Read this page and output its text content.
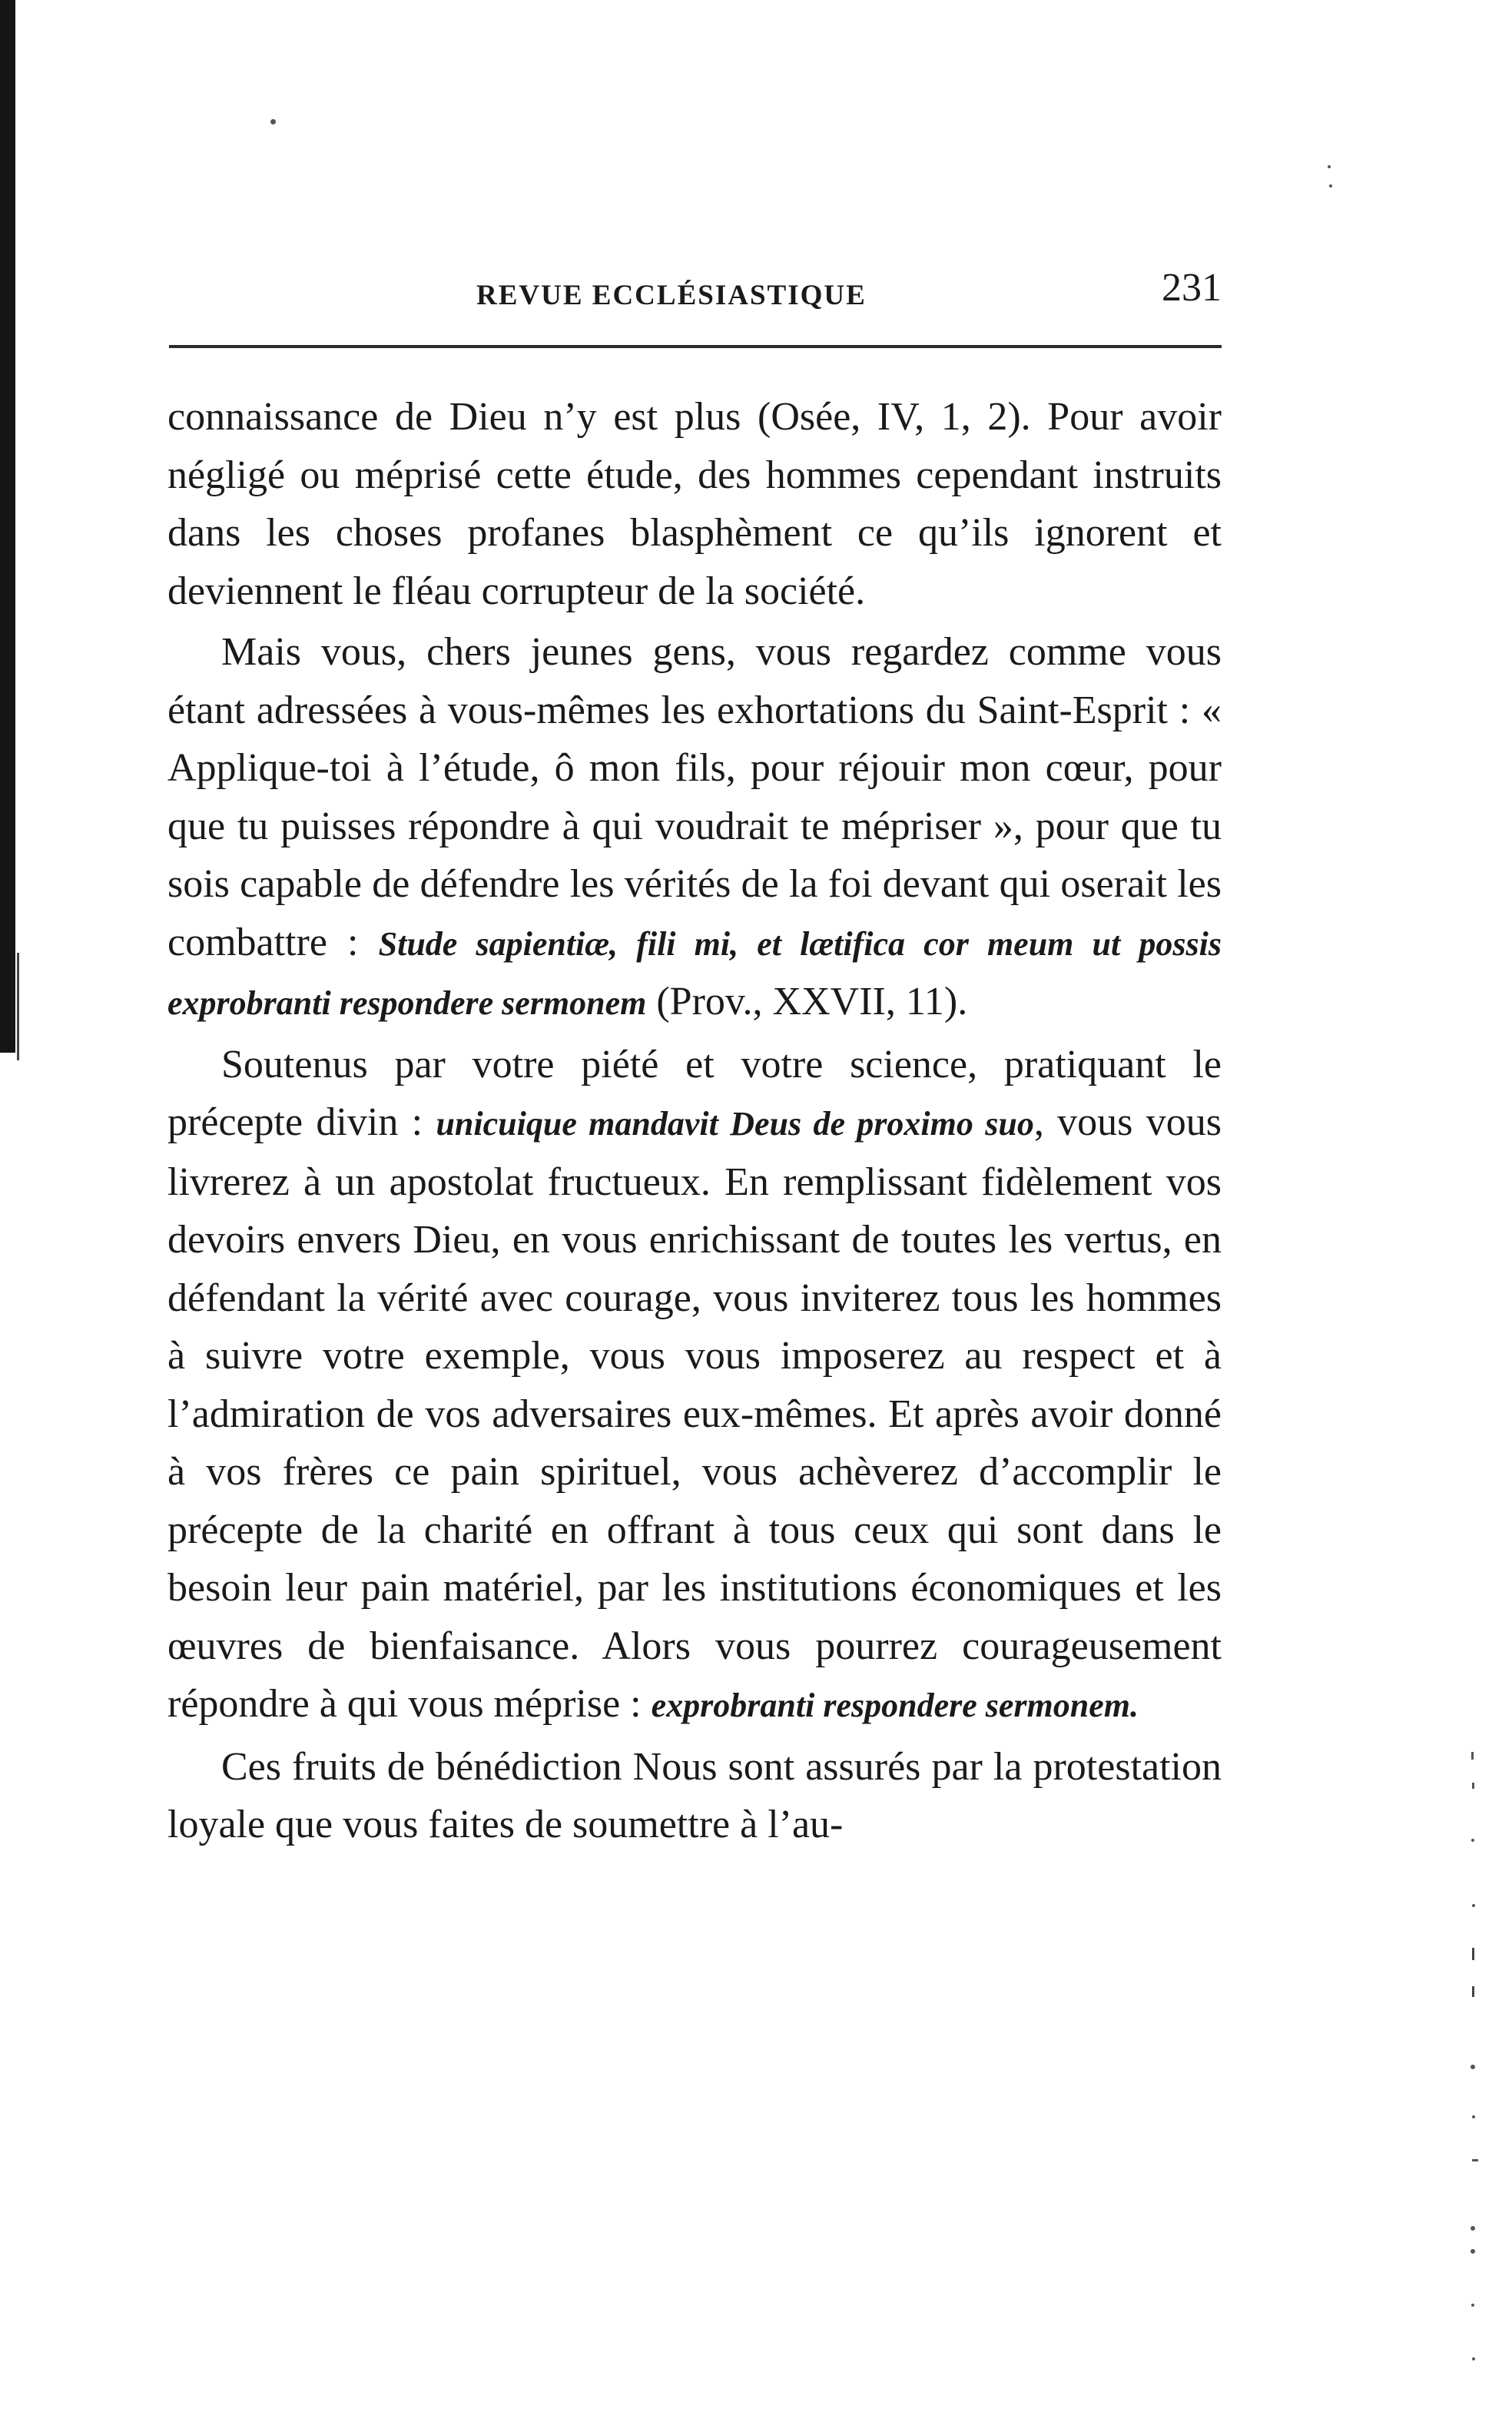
REVUE ECCLÉSIASTIQUE	231

connaissance de Dieu n’y est plus (Osée, IV, 1, 2). Pour avoir négligé ou méprisé cette étude, des hommes cependant instruits dans les choses profanes blasphèment ce qu’ils ignorent et deviennent le fléau corrupteur de la société.

Mais vous, chers jeunes gens, vous regardez comme vous étant adressées à vous-mêmes les exhortations du Saint-Esprit : « Applique-toi à l’étude, ô mon fils, pour réjouir mon cœur, pour que tu puisses répondre à qui voudrait te mépriser », pour que tu sois capable de défendre les vérités de la foi devant qui oserait les combattre : Stude sapientiæ, fili mi, et lætifica cor meum ut possis exprobranti respondere sermonem (Prov., XXVII, 11).

Soutenus par votre piété et votre science, pratiquant le précepte divin : unicuique mandavit Deus de proximo suo, vous vous livrerez à un apostolat fructueux. En remplissant fidèlement vos devoirs envers Dieu, en vous enrichissant de toutes les vertus, en défendant la vérité avec courage, vous inviterez tous les hommes à suivre votre exemple, vous vous imposerez au respect et à l’admiration de vos adversaires eux-mêmes. Et après avoir donné à vos frères ce pain spirituel, vous achèverez d’accomplir le précepte de la charité en offrant à tous ceux qui sont dans le besoin leur pain matériel, par les institutions économiques et les œuvres de bienfaisance. Alors vous pourrez courageusement répondre à qui vous méprise : exprobranti respondere sermonem.

Ces fruits de bénédiction Nous sont assurés par la protestation loyale que vous faites de soumettre à l’au-
